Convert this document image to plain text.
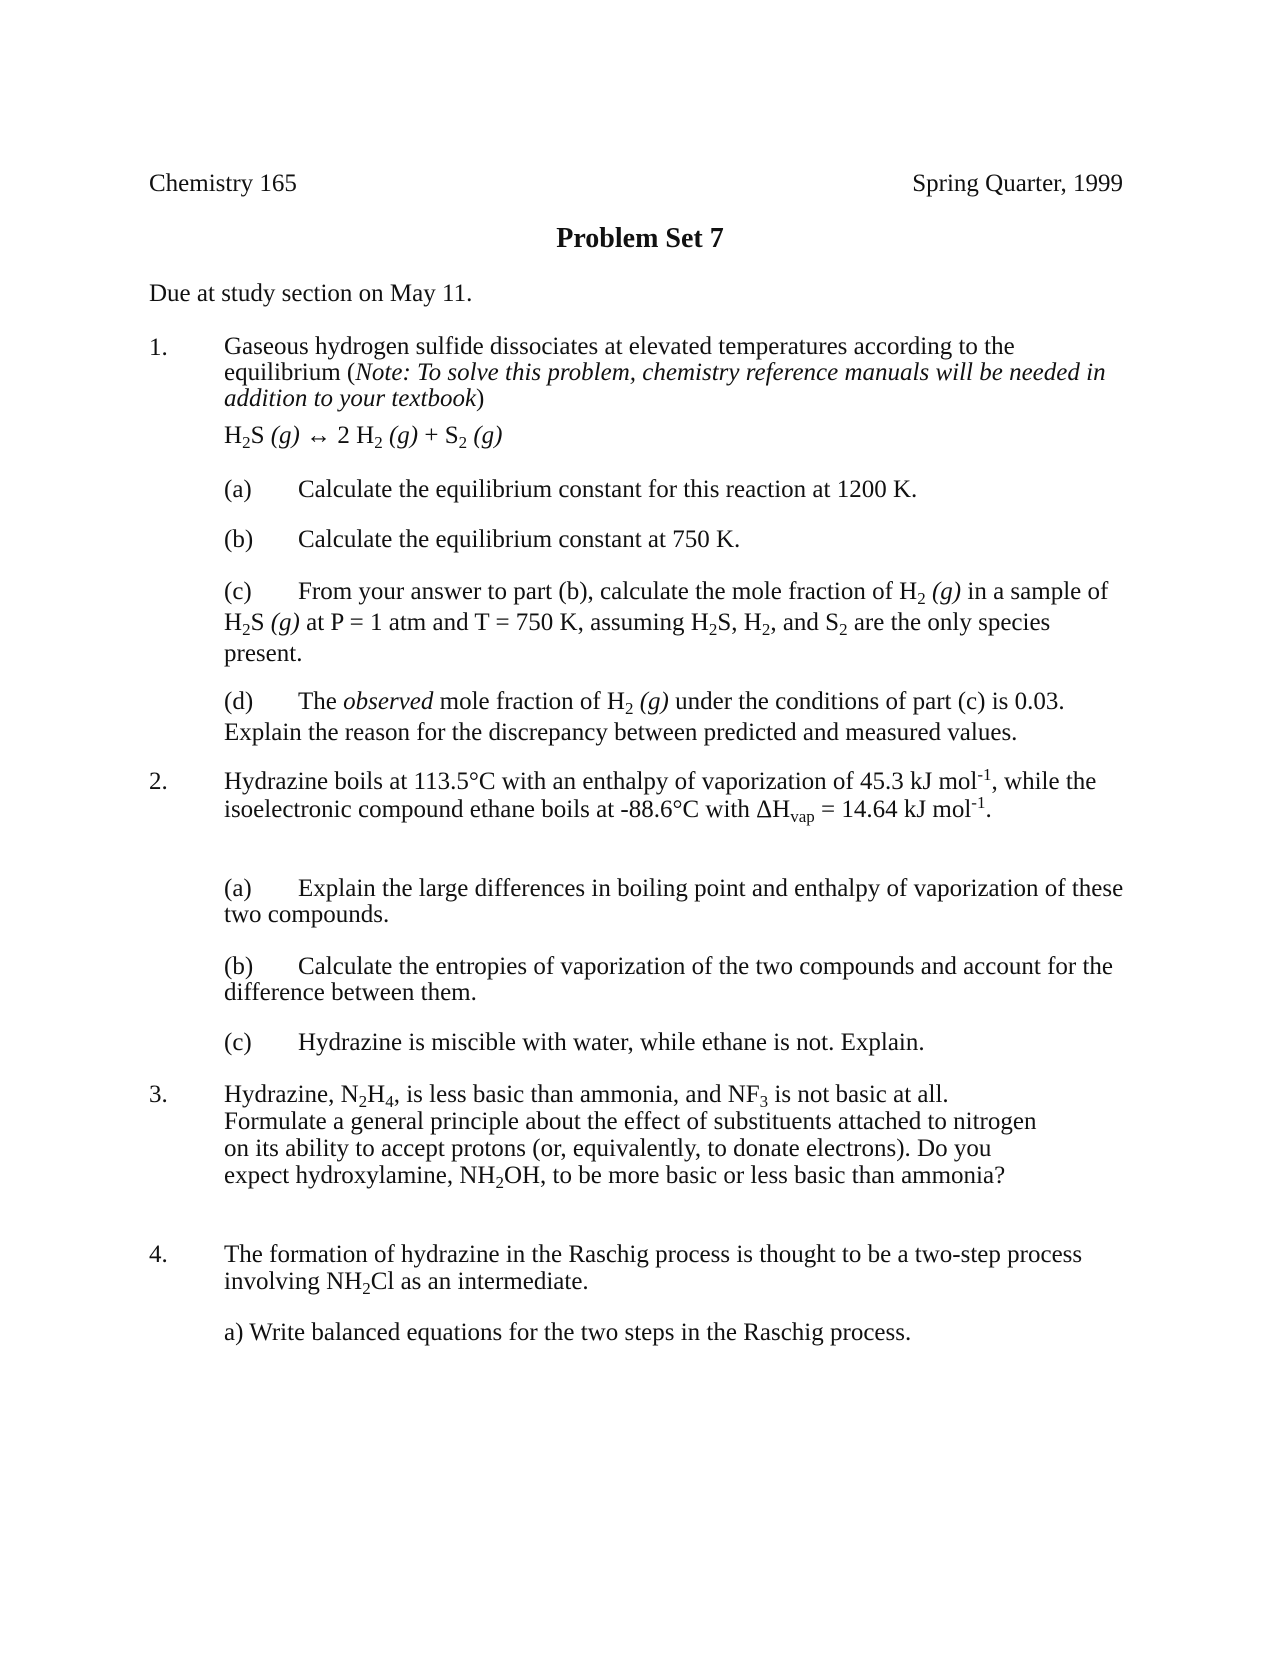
Chemistry 165	Spring Quarter, 1999
Problem Set 7
Due at study section on May 11.
1. Gaseous hydrogen sulfide dissociates at elevated temperatures according to the equilibrium (Note: To solve this problem, chemistry reference manuals will be needed in addition to your textbook)
$H_2S$ (g) ↔ 2 $H_2$ $(g) + S_2$ (g)
(a) Calculate the equilibrium constant for this reaction at 1200 K.
(b) Calculate the equilibrium constant at 750 K.
(c) From your answer to part (b), calculate the mole fraction of $H_2$ (g) in a sample of $H_2S$ (g) at P = 1 atm and T = 750 K, assuming $H_2S$, $H_2$, and $S_2$ are the only species present.
(d) The observed mole fraction of $H_2$ (g) under the conditions of part (c) is 0.03. Explain the reason for the discrepancy between predicted and measured values.
2. Hydrazine boils at 113.5°C with an enthalpy of vaporization of 45.3 kJ mol$^{-1}$, while the isoelectronic compound ethane boils at -88.6°C with $\Delta H_{vap} = 14.64$ kJ mol$^{-1}$.
(a) Explain the large differences in boiling point and enthalpy of vaporization of these two compounds.
(b) Calculate the entropies of vaporization of the two compounds and account for the difference between them.
(c) Hydrazine is miscible with water, while ethane is not. Explain.
3. Hydrazine, $N_2H_4$, is less basic than ammonia, and $NF_3$ is not basic at all. Formulate a general principle about the effect of substituents attached to nitrogen on its ability to accept protons (or, equivalently, to donate electrons). Do you expect hydroxylamine, $NH_2OH$, to be more basic or less basic than ammonia?
4. The formation of hydrazine in the Raschig process is thought to be a two-step process involving $NH_2Cl$ as an intermediate.
a) Write balanced equations for the two steps in the Raschig process.
